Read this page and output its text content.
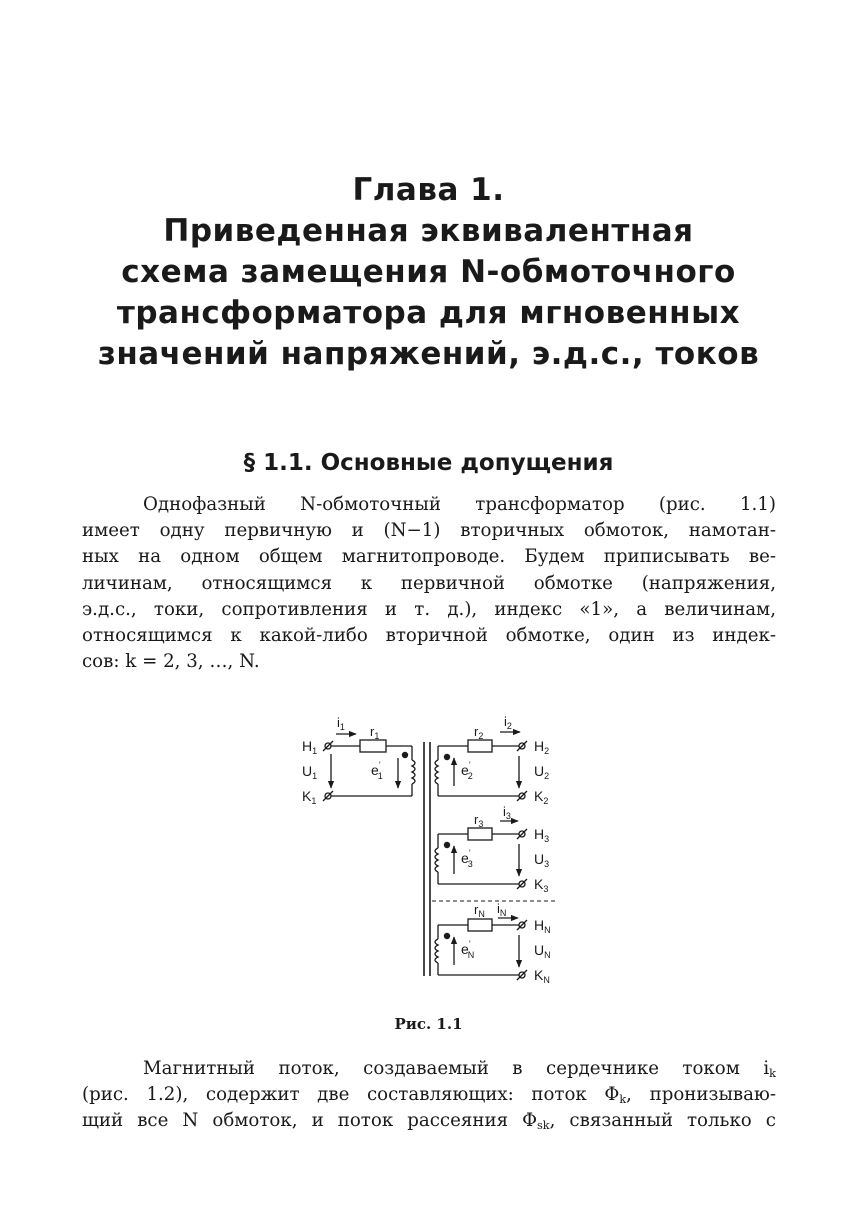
Глава 1.
Приведенная эквивалентная
схема замещения N-обмоточного
трансформатора для мгновенных
значений напряжений, э.д.с., токов
§ 1.1. Основные допущения
Однофазный N-обмоточный трансформатор (рис. 1.1)
имеет одну первичную и (N−1) вторичных обмоток, намотан-
ных на одном общем магнитопроводе. Будем приписывать ве-
личинам, относящимся к первичной обмотке (напряжения,
э.д.с., токи, сопротивления и т. д.), индекс «1», а величинам,
относящимся к какой-либо вторичной обмотке, один из индек-
сов: k = 2, 3, …, N.
$H_1$
$U_1$
$K_1$
$i_1$ $r_1$
e’ 1
$H_2$
$U_2$
$K_2$
$i_2$
$r_2$
e’ 2
$H_3$
$U_3$
$K_3$
$i_3$
$r_3$
e’ 3
$H_N$
$U_N$
$K_N$
$i_N$
$r_N$
e’ N
Рис. 1.1
Магнитный поток, создаваемый в сердечнике током $i_k$
(рис. 1.2), содержит две составляющих: поток $\Phi_k$, пронизываю-
щий все N обмоток, и поток рассеяния $\Phi_{sk}$, связанный только с
